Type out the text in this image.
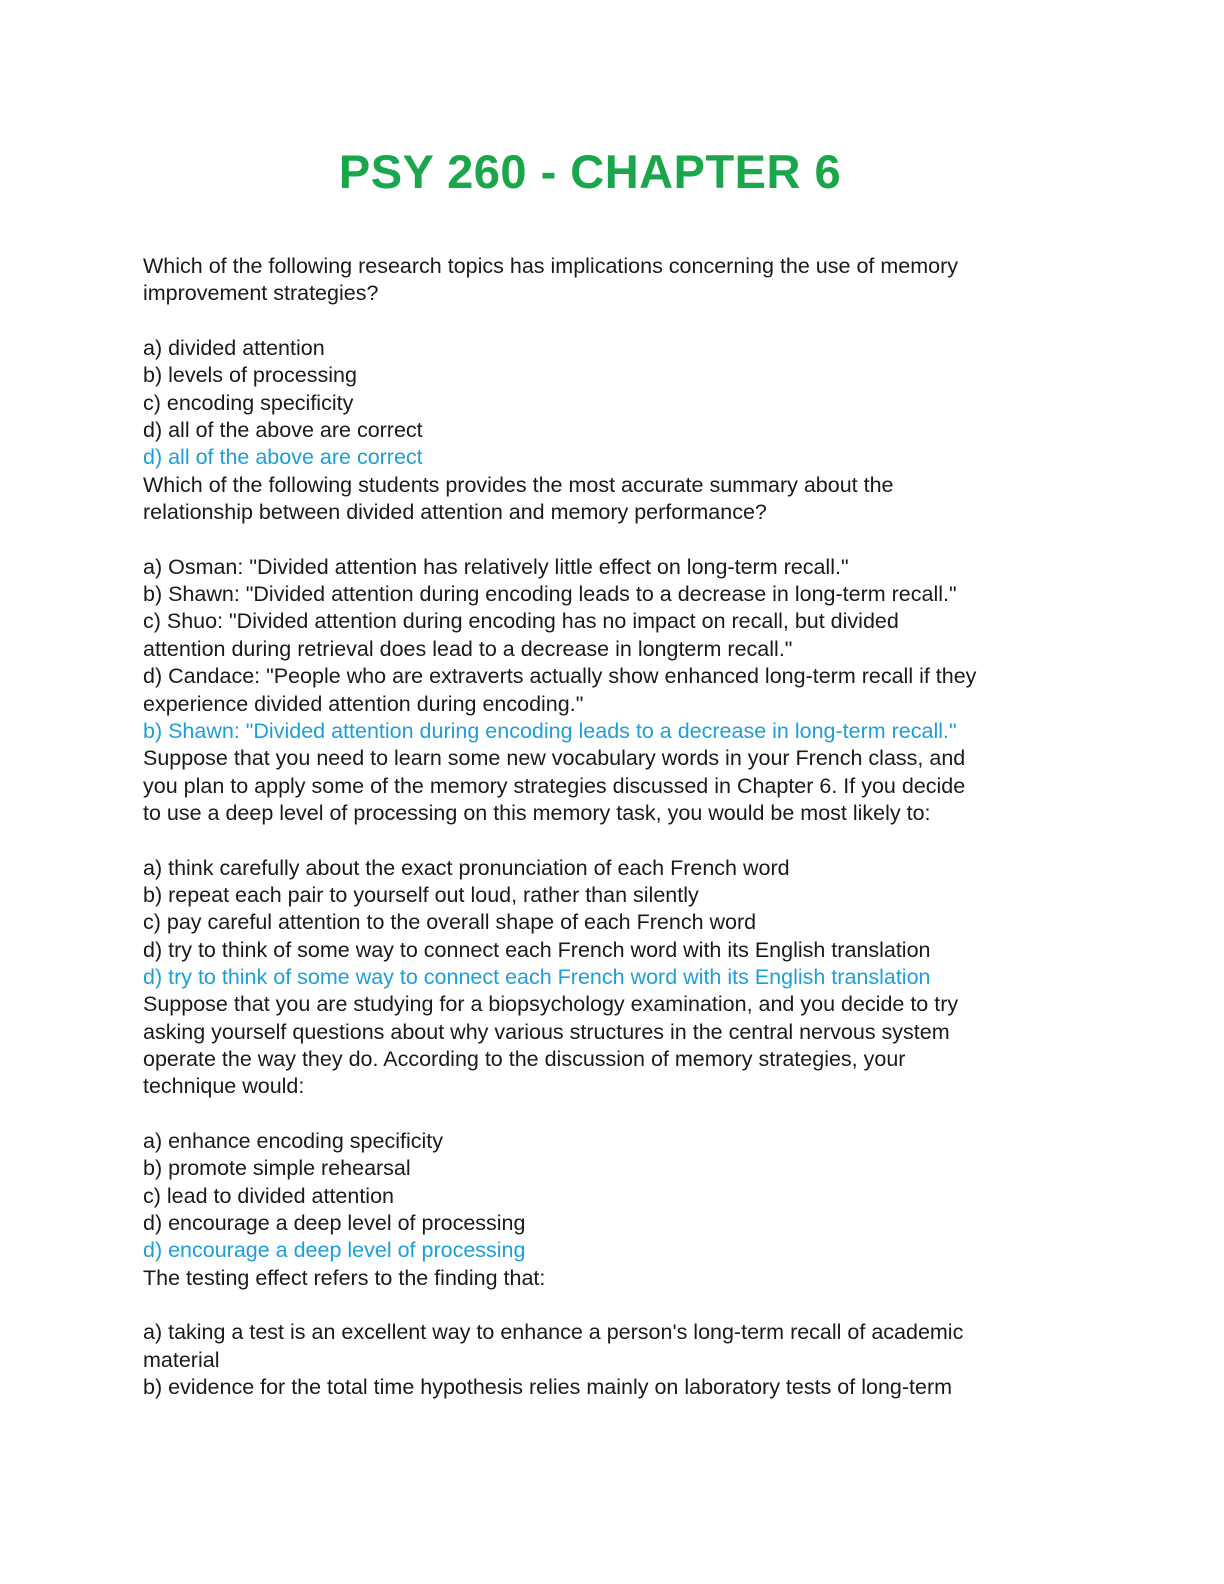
PSY 260 - CHAPTER 6
Which of the following research topics has implications concerning the use of memory
improvement strategies?
a) divided attention
b) levels of processing
c) encoding specificity
d) all of the above are correct
d) all of the above are correct
Which of the following students provides the most accurate summary about the
relationship between divided attention and memory performance?
a) Osman: "Divided attention has relatively little effect on long-term recall."
b) Shawn: "Divided attention during encoding leads to a decrease in long-term recall."
c) Shuo: "Divided attention during encoding has no impact on recall, but divided
attention during retrieval does lead to a decrease in longterm recall."
d) Candace: "People who are extraverts actually show enhanced long-term recall if they
experience divided attention during encoding."
b) Shawn: "Divided attention during encoding leads to a decrease in long-term recall."
Suppose that you need to learn some new vocabulary words in your French class, and
you plan to apply some of the memory strategies discussed in Chapter 6. If you decide
to use a deep level of processing on this memory task, you would be most likely to:
a) think carefully about the exact pronunciation of each French word
b) repeat each pair to yourself out loud, rather than silently
c) pay careful attention to the overall shape of each French word
d) try to think of some way to connect each French word with its English translation
d) try to think of some way to connect each French word with its English translation
Suppose that you are studying for a biopsychology examination, and you decide to try
asking yourself questions about why various structures in the central nervous system
operate the way they do. According to the discussion of memory strategies, your
technique would:
a) enhance encoding specificity
b) promote simple rehearsal
c) lead to divided attention
d) encourage a deep level of processing
d) encourage a deep level of processing
The testing effect refers to the finding that:
a) taking a test is an excellent way to enhance a person's long-term recall of academic
material
b) evidence for the total time hypothesis relies mainly on laboratory tests of long-term
